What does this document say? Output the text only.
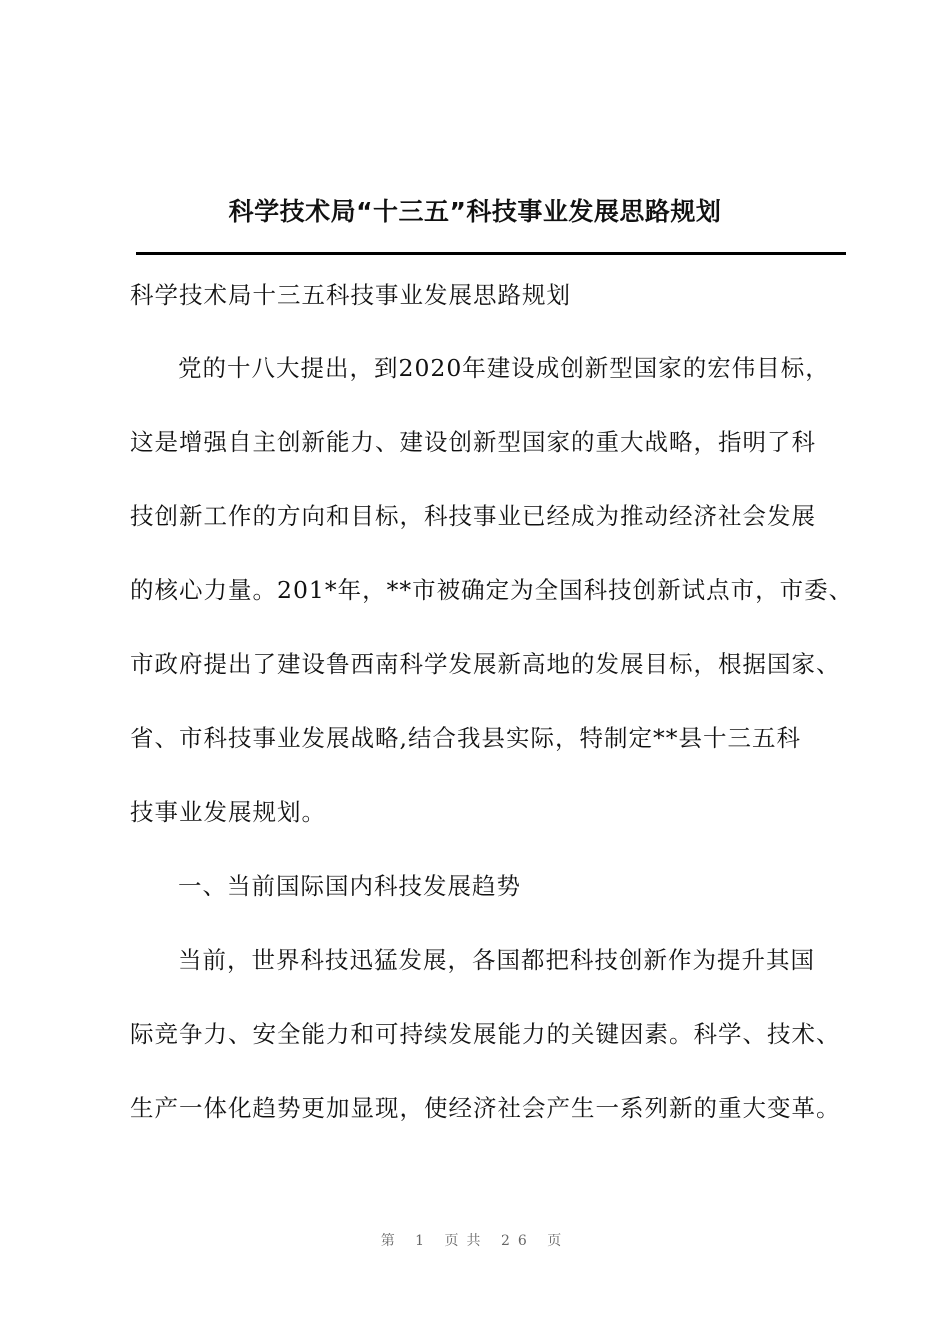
科学技术局“十三五”科技事业发展思路规划
科学技术局十三五科技事业发展思路规划
党的十八大提出，到2020年建设成创新型国家的宏伟目标，
这是增强自主创新能力、建设创新型国家的重大战略，指明了科
技创新工作的方向和目标，科技事业已经成为推动经济社会发展
的核心力量。201*年，**市被确定为全国科技创新试点市，市委、
市政府提出了建设鲁西南科学发展新高地的发展目标，根据国家、
省、市科技事业发展战略,结合我县实际，特制定**县十三五科
技事业发展规划。
一、当前国际国内科技发展趋势
当前，世界科技迅猛发展，各国都把科技创新作为提升其国
际竞争力、安全能力和可持续发展能力的关键因素。科学、技术、
生产一体化趋势更加显现，使经济社会产生一系列新的重大变革。
第 1 页共 26 页
